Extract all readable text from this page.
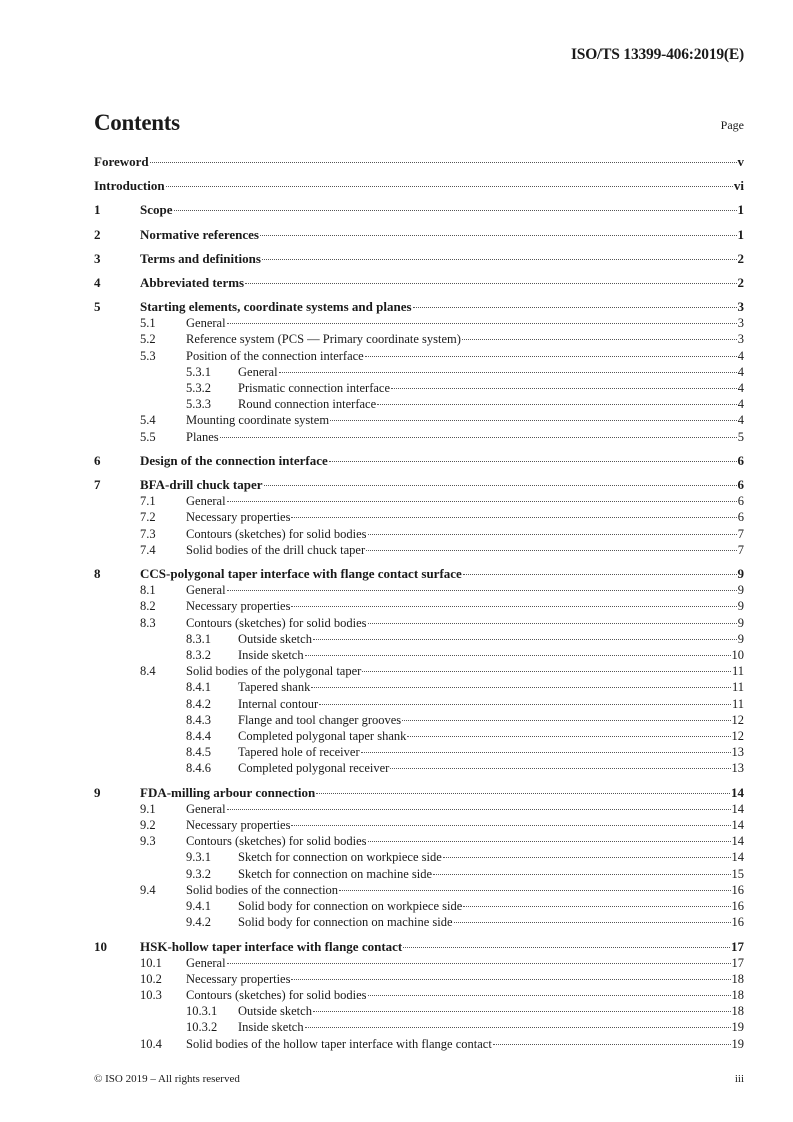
ISO/TS 13399-406:2019(E)
Contents	Page
Foreword	v
Introduction	vi
1	Scope	1
2	Normative references	1
3	Terms and definitions	2
4	Abbreviated terms	2
5	Starting elements, coordinate systems and planes	3
5.1	General	3
5.2	Reference system (PCS — Primary coordinate system)	3
5.3	Position of the connection interface	4
5.3.1	General	4
5.3.2	Prismatic connection interface	4
5.3.3	Round connection interface	4
5.4	Mounting coordinate system	4
5.5	Planes	5
6	Design of the connection interface	6
7	BFA-drill chuck taper	6
7.1	General	6
7.2	Necessary properties	6
7.3	Contours (sketches) for solid bodies	7
7.4	Solid bodies of the drill chuck taper	7
8	CCS-polygonal taper interface with flange contact surface	9
8.1	General	9
8.2	Necessary properties	9
8.3	Contours (sketches) for solid bodies	9
8.3.1	Outside sketch	9
8.3.2	Inside sketch	10
8.4	Solid bodies of the polygonal taper	11
8.4.1	Tapered shank	11
8.4.2	Internal contour	11
8.4.3	Flange and tool changer grooves	12
8.4.4	Completed polygonal taper shank	12
8.4.5	Tapered hole of receiver	13
8.4.6	Completed polygonal receiver	13
9	FDA-milling arbour connection	14
9.1	General	14
9.2	Necessary properties	14
9.3	Contours (sketches) for solid bodies	14
9.3.1	Sketch for connection on workpiece side	14
9.3.2	Sketch for connection on machine side	15
9.4	Solid bodies of the connection	16
9.4.1	Solid body for connection on workpiece side	16
9.4.2	Solid body for connection on machine side	16
10	HSK-hollow taper interface with flange contact	17
10.1	General	17
10.2	Necessary properties	18
10.3	Contours (sketches) for solid bodies	18
10.3.1	Outside sketch	18
10.3.2	Inside sketch	19
10.4	Solid bodies of the hollow taper interface with flange contact	19
© ISO 2019 – All rights reserved	iii
